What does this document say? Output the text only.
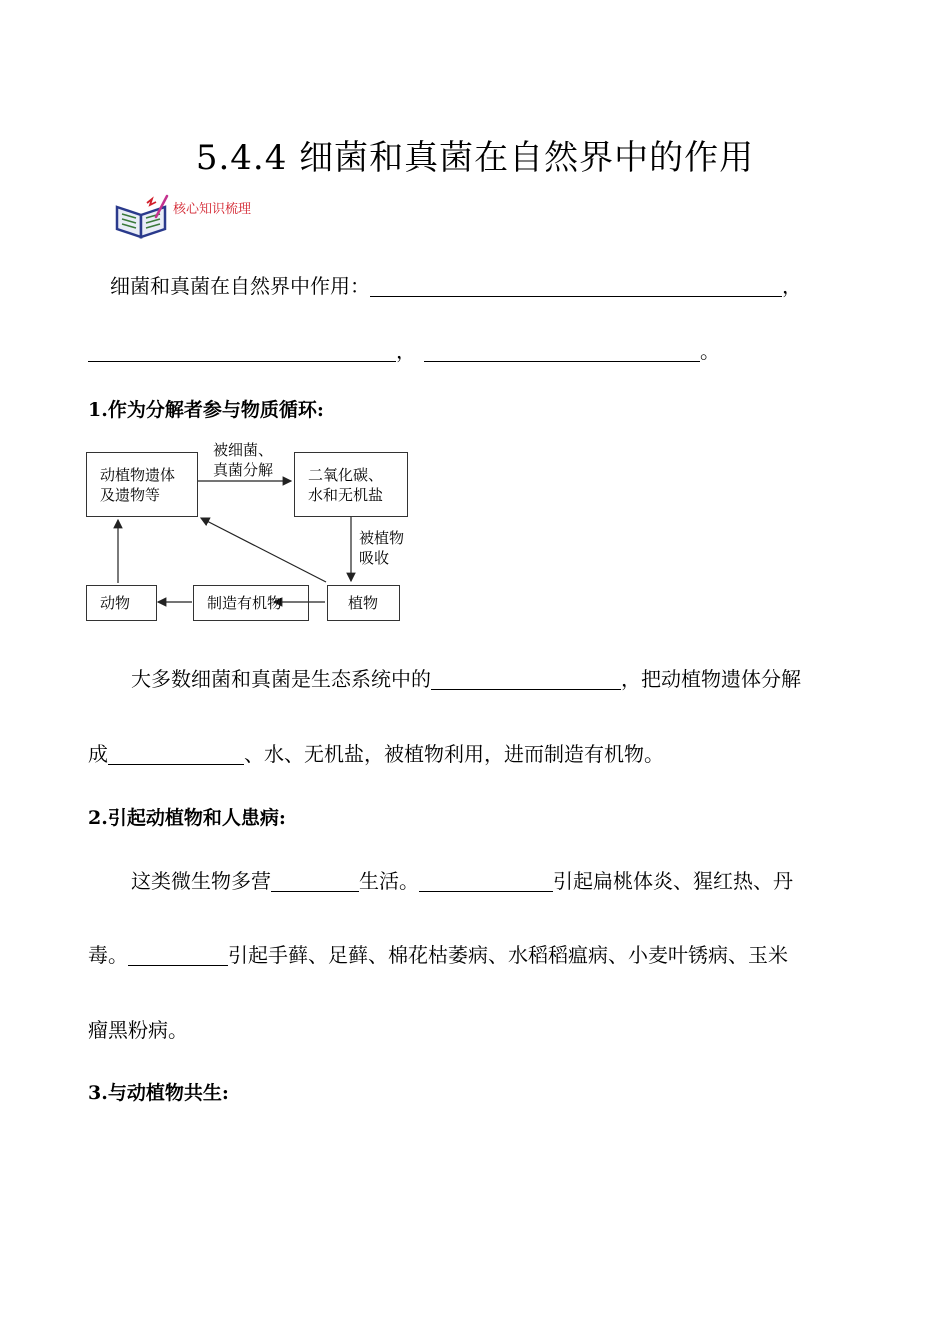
5.4.4 细菌和真菌在自然界中的作用
核心知识梳理
细菌和真菌在自然界中作用：	，
，	。
1.作为分解者参与物质循环:
动植物遗体
及遗物等
二氧化碳、
水和无机盐
动物	制造有机物	植物
被细菌、
真菌分解
被植物
吸收
大多数细菌和真菌是生态系统中的	，把动植物遗体分解
成	、水、无机盐，被植物利用，进而制造有机物。
2.引起动植物和人患病:
这类微生物多营	生活。	引起扁桃体炎、猩红热、丹
毒。	引起手藓、足藓、棉花枯萎病、水稻稻瘟病、小麦叶锈病、玉米
瘤黑粉病。
3.与动植物共生:
